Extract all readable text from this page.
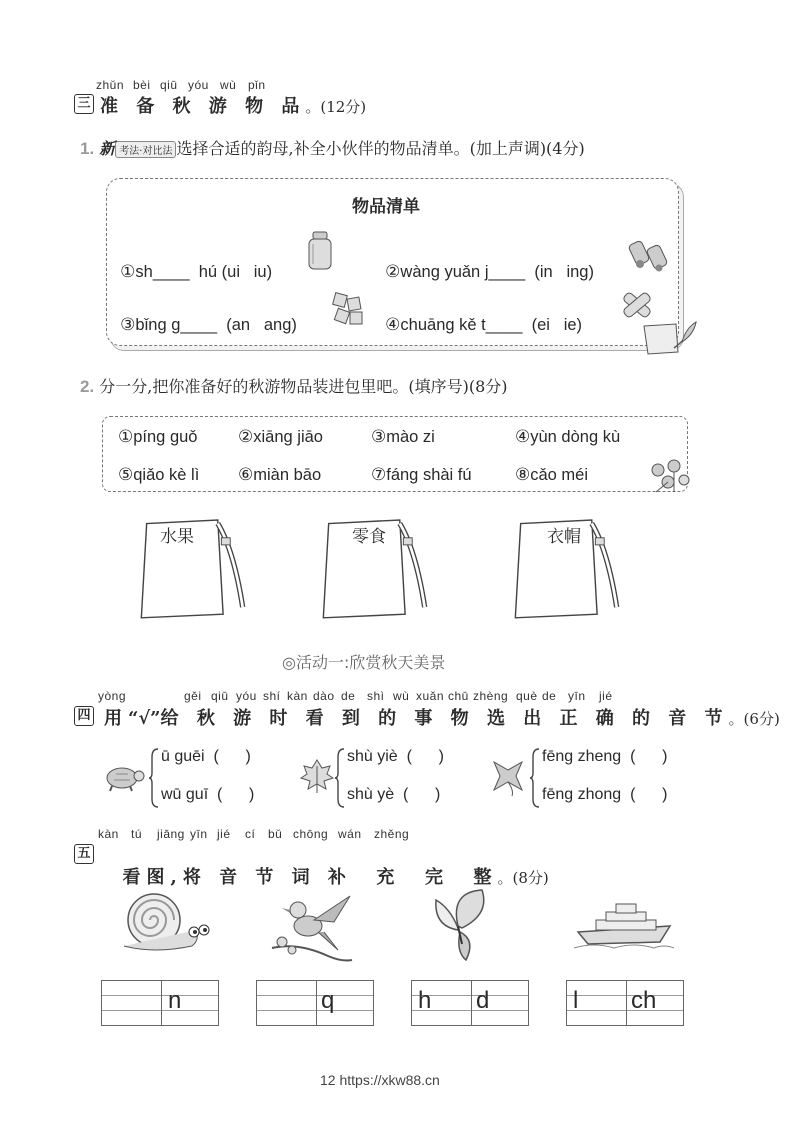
zhǔn bèi qiū yóu wù pǐn
三 准 备 秋 游 物 品。(12分)
1. 新 考法·对比法 选择合适的韵母,补全小伙伴的物品清单。(加上声调)(4分)
物品清单

①sh____  hú (ui   iu)	②wàng yuǎn j____  (in   ing)

③bǐng g____  (an   ang)	④chuāng kě t____  (ei   ie)

2. 分一分,把你准备好的秋游物品装进包里吧。(填序号)(8分)
①píng guǒ ②xiāng jiāo	③mào zi	④yùn dòng kù
⑤qiǎo kè lì ⑥miàn bāo	⑦fáng shài fú	⑧cǎo méi
水果	零食	衣帽
◎活动一:欣赏秋天美景
yòng	gěi qiū yóu shí kàn dào de shì wù xuǎn chū zhèng què de yīn jié
四 用“√”给 秋 游 时 看 到 的 事 物 选 出 正 确 的 音 节。(6分)
ū guēi  (      )
wū guī  (      )
shù yiè  (      )
shù yè  (      )
fēng zheng  (      )
fēng zhong  (      )
kàn tú jiāng yīn jié cí bǔ chōng wán zhěng
五

看图,将 音 节 词 补  充  完  整。(8分)

n	q	h d	l ch
12 https://xkw88.cn
